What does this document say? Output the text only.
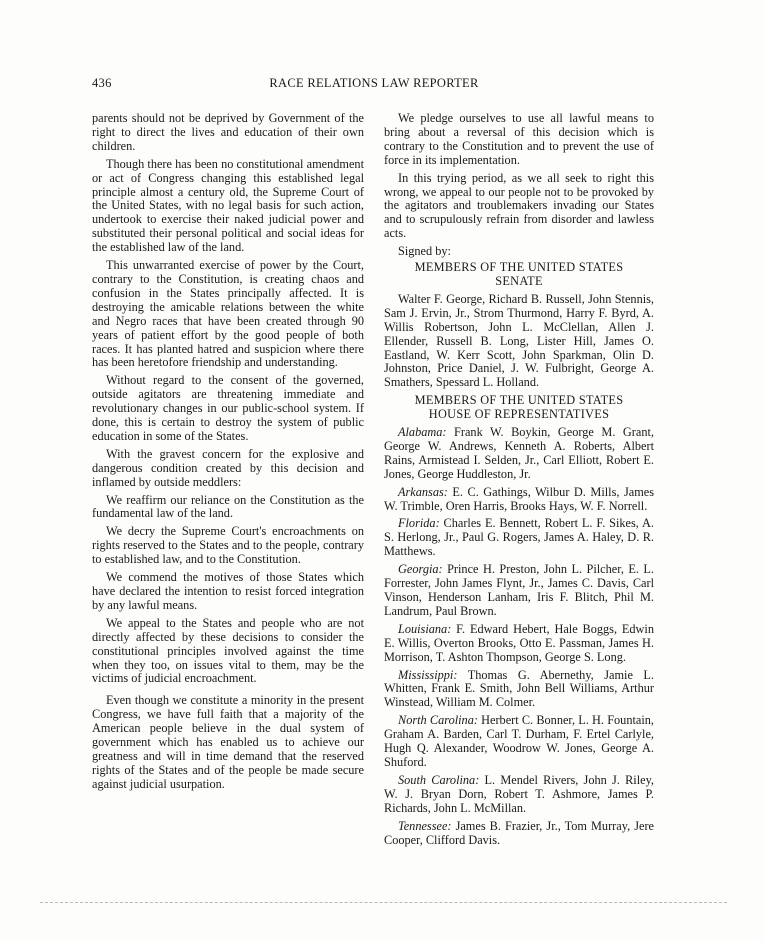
436	RACE RELATIONS LAW REPORTER

parents should not be deprived by Government of the right to direct the lives and education of their own children.

Though there has been no constitutional amendment or act of Congress changing this established legal principle almost a century old, the Supreme Court of the United States, with no legal basis for such action, undertook to exercise their naked judicial power and substituted their personal political and social ideas for the established law of the land.

This unwarranted exercise of power by the Court, contrary to the Constitution, is creating chaos and confusion in the States principally affected. It is destroying the amicable relations between the white and Negro races that have been created through 90 years of patient effort by the good people of both races. It has planted hatred and suspicion where there has been heretofore friendship and understanding.

Without regard to the consent of the governed, outside agitators are threatening immediate and revolutionary changes in our public-school system. If done, this is certain to destroy the system of public education in some of the States.

With the gravest concern for the explosive and dangerous condition created by this decision and inflamed by outside meddlers:

We reaffirm our reliance on the Constitution as the fundamental law of the land.

We decry the Supreme Court's encroachments on rights reserved to the States and to the people, contrary to established law, and to the Constitution.

We commend the motives of those States which have declared the intention to resist forced integration by any lawful means.

We appeal to the States and people who are not directly affected by these decisions to consider the constitutional principles involved against the time when they too, on issues vital to them, may be the victims of judicial encroachment.

Even though we constitute a minority in the present Congress, we have full faith that a majority of the American people believe in the dual system of government which has enabled us to achieve our greatness and will in time demand that the reserved rights of the States and of the people be made secure against judicial usurpation.

We pledge ourselves to use all lawful means to bring about a reversal of this decision which is contrary to the Constitution and to prevent the use of force in its implementation.

In this trying period, as we all seek to right this wrong, we appeal to our people not to be provoked by the agitators and troublemakers invading our States and to scrupulously refrain from disorder and lawless acts.

Signed by:

MEMBERS OF THE UNITED STATES
SENATE

Walter F. George, Richard B. Russell, John Stennis, Sam J. Ervin, Jr., Strom Thurmond, Harry F. Byrd, A. Willis Robertson, John L. McClellan, Allen J. Ellender, Russell B. Long, Lister Hill, James O. Eastland, W. Kerr Scott, John Sparkman, Olin D. Johnston, Price Daniel, J. W. Fulbright, George A. Smathers, Spessard L. Holland.

MEMBERS OF THE UNITED STATES
HOUSE OF REPRESENTATIVES

Alabama: Frank W. Boykin, George M. Grant, George W. Andrews, Kenneth A. Roberts, Albert Rains, Armistead I. Selden, Jr., Carl Elliott, Robert E. Jones, George Huddleston, Jr.

Arkansas: E. C. Gathings, Wilbur D. Mills, James W. Trimble, Oren Harris, Brooks Hays, W. F. Norrell.

Florida: Charles E. Bennett, Robert L. F. Sikes, A. S. Herlong, Jr., Paul G. Rogers, James A. Haley, D. R. Matthews.

Georgia: Prince H. Preston, John L. Pilcher, E. L. Forrester, John James Flynt, Jr., James C. Davis, Carl Vinson, Henderson Lanham, Iris F. Blitch, Phil M. Landrum, Paul Brown.

Louisiana: F. Edward Hebert, Hale Boggs, Edwin E. Willis, Overton Brooks, Otto E. Passman, James H. Morrison, T. Ashton Thompson, George S. Long.

Mississippi: Thomas G. Abernethy, Jamie L. Whitten, Frank E. Smith, John Bell Williams, Arthur Winstead, William M. Colmer.

North Carolina: Herbert C. Bonner, L. H. Fountain, Graham A. Barden, Carl T. Durham, F. Ertel Carlyle, Hugh Q. Alexander, Woodrow W. Jones, George A. Shuford.

South Carolina: L. Mendel Rivers, John J. Riley, W. J. Bryan Dorn, Robert T. Ashmore, James P. Richards, John L. McMillan.

Tennessee: James B. Frazier, Jr., Tom Murray, Jere Cooper, Clifford Davis.
